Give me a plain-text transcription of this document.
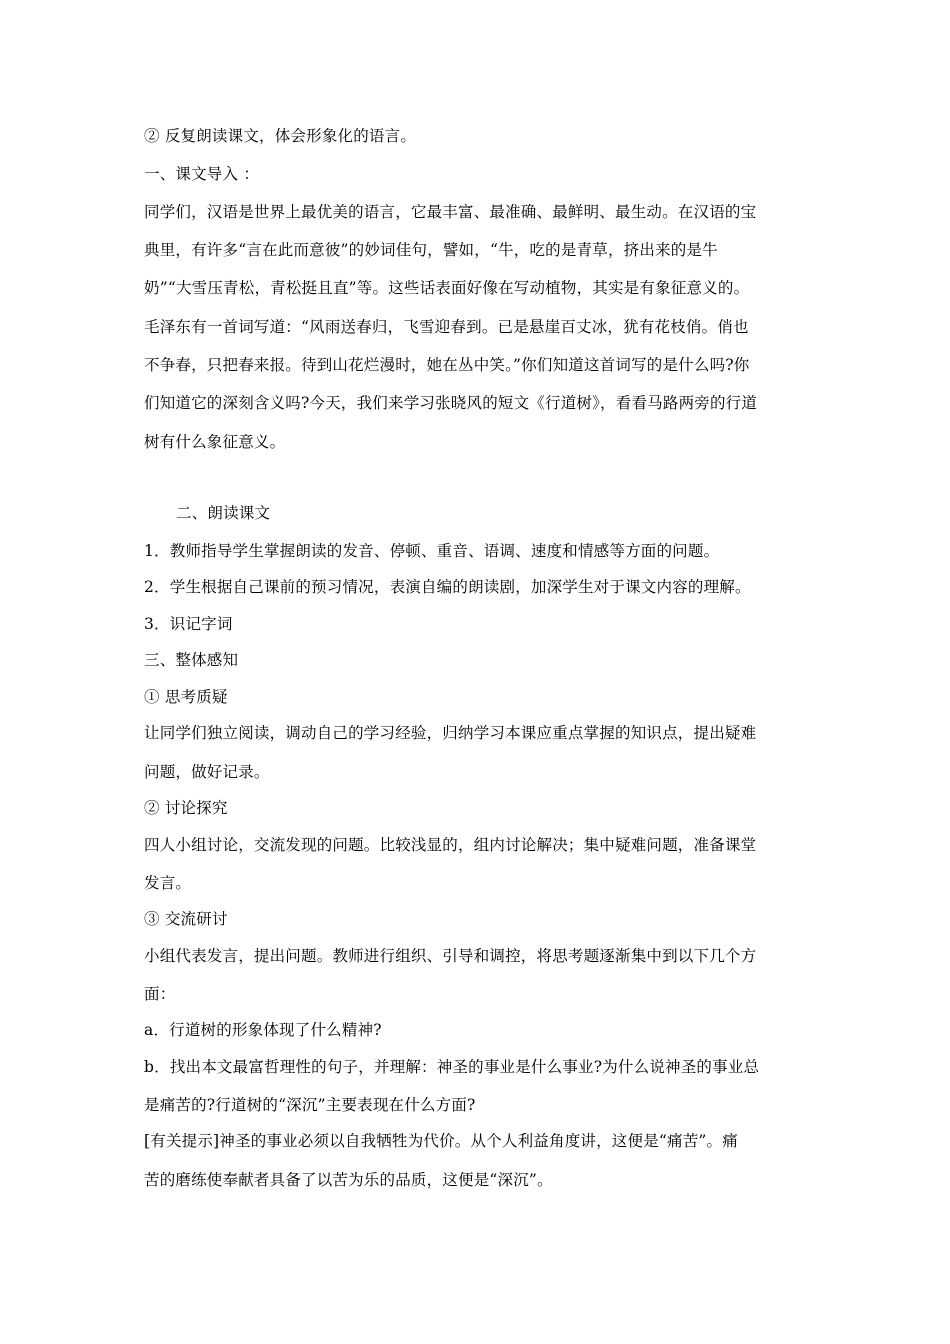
② 反复朗读课文，体会形象化的语言。
一、课文导入 ：
同学们，汉语是世界上最优美的语言，它最丰富、最准确、最鲜明、最生动。在汉语的宝
典里，有许多“言在此而意彼”的妙词佳句，譬如，“牛，吃的是青草，挤出来的是牛
奶”“大雪压青松，青松挺且直”等。这些话表面好像在写动植物，其实是有象征意义的。
毛泽东有一首词写道：“风雨送春归，飞雪迎春到。已是悬崖百丈冰，犹有花枝俏。俏也
不争春，只把春来报。待到山花烂漫时，她在丛中笑。”你们知道这首词写的是什么吗?你
们知道它的深刻含义吗?今天，我们来学习张晓风的短文《行道树》，看看马路两旁的行道
树有什么象征意义。
二、朗读课文
1．教师指导学生掌握朗读的发音、停顿、重音、语调、速度和情感等方面的问题。
2．学生根据自己课前的预习情况，表演自编的朗读剧，加深学生对于课文内容的理解。
3．识记字词
三、整体感知
① 思考质疑
让同学们独立阅读，调动自己的学习经验，归纳学习本课应重点掌握的知识点，提出疑难
问题，做好记录。
② 讨论探究
四人小组讨论，交流发现的问题。比较浅显的，组内讨论解决；集中疑难问题，准备课堂
发言。
③ 交流研讨
小组代表发言，提出问题。教师进行组织、引导和调控，将思考题逐渐集中到以下几个方
面：
a．行道树的形象体现了什么精神?
b．找出本文最富哲理性的句子，并理解：神圣的事业是什么事业?为什么说神圣的事业总
是痛苦的?行道树的“深沉”主要表现在什么方面?
[有关提示]神圣的事业必须以自我牺牲为代价。从个人利益角度讲，这便是“痛苦”。痛
苦的磨练使奉献者具备了以苦为乐的品质，这便是“深沉”。
